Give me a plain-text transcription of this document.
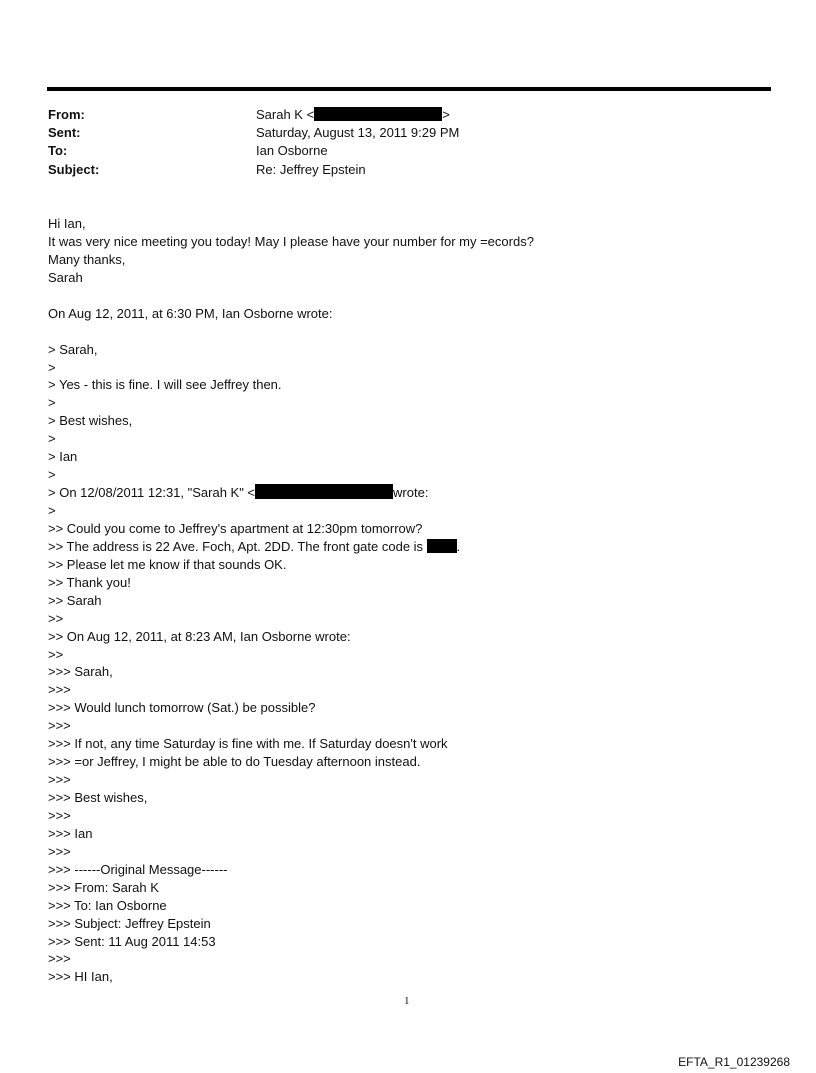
From:	Sarah K <	>
Sent:	Saturday, August 13, 2011 9:29 PM
To:	Ian Osborne
Subject:	Re: Jeffrey Epstein
Hi Ian,
It was very nice meeting you today! May I please have your number for my =ecords?
Many thanks,
Sarah
On Aug 12, 2011, at 6:30 PM, Ian Osborne wrote:
> Sarah,
>
> Yes - this is fine. I will see Jeffrey then.
>
> Best wishes,
>
> Ian
>
> On 12/08/2011 12:31, "Sarah K" <	wrote:
>
>> Could you come to Jeffrey's apartment at 12:30pm tomorrow?
>> The address is 22 Ave. Foch, Apt. 2DD. The front gate code is .
>> Please let me know if that sounds OK.
>> Thank you!
>> Sarah
>>
>> On Aug 12, 2011, at 8:23 AM, Ian Osborne wrote:
>>
>>> Sarah,
>>>
>>> Would lunch tomorrow (Sat.) be possible?
>>>
>>> If not, any time Saturday is fine with me. If Saturday doesn't work
>>> =or Jeffrey, I might be able to do Tuesday afternoon instead.
>>>
>>> Best wishes,
>>>
>>> Ian
>>>
>>> ------Original Message------
>>> From: Sarah K
>>> To: Ian Osborne
>>> Subject: Jeffrey Epstein
>>> Sent: 11 Aug 2011 14:53
>>>
>>> HI Ian,
1
EFTA_R1_01239268
